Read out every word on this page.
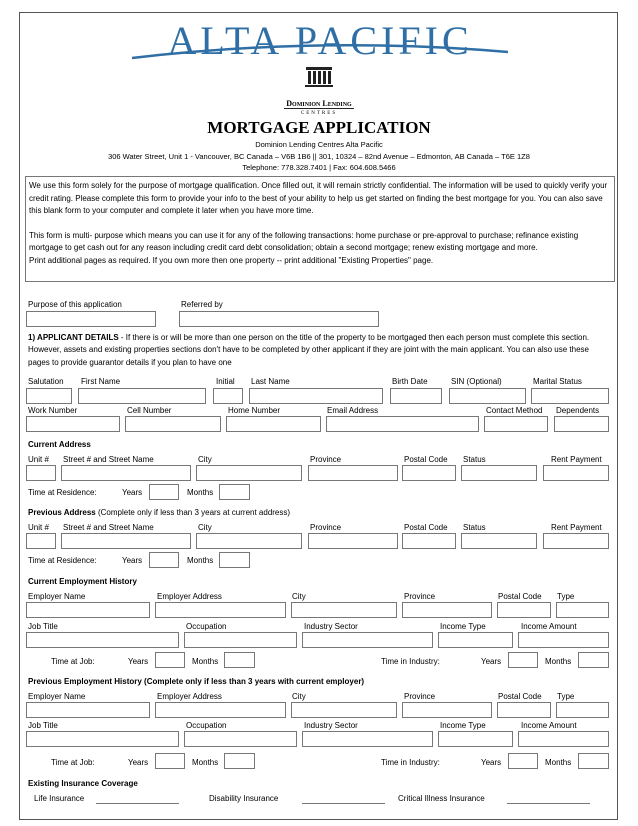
ALTA PACIFIC
Dominion Lending
CENTRES
MORTGAGE APPLICATION
Dominion Lending Centres Alta Pacific
306 Water Street, Unit 1 - Vancouver, BC Canada – V6B 1B6 || 301, 10324 – 82nd Avenue – Edmonton, AB Canada – T6E 1Z8
Telephone: 778.328.7401 | Fax: 604.608.5466

We use this form solely for the purpose of mortgage qualification. Once filled out, it will remain strictly confidential. The information will be used to quickly verify your credit rating. Please complete this form to provide your info to the best of your ability to help us get started on finding the best mortgage for you. You can also save this blank form to your computer and complete it later when you have more time.

This form is multi- purpose which means you can use it for any of the following transactions: home purchase or pre-approval to purchase; refinance existing mortgage to get cash out for any reason including credit card debt consolidation; obtain a second mortgage; renew existing mortgage and more.

Print additional pages as required. If you own more then one property -- print additional "Existing Properties" page.

Purpose of this application	Referred by
1) APPLICANT DETAILS - If there is or will be more than one person on the title of the property to be mortgaged then each person must complete this section. However, assets and existing properties sections don't have to be completed by other applicant if they are joint with the main applicant. You can also use these pages to provide guarantor details if you plan to have one
Salutation First Name	Initial Last Name	Birth Date	SIN (Optional)	Marital Status
Work Number	Cell Number	Home Number	Email Address	Contact Method Dependents
Current Address
Unit # Street # and Street Name	City	Province	Postal Code Status	Rent Payment
Time at Residence:	Years	Months
Previous Address (Complete only if less than 3 years at current address)
Unit # Street # and Street Name	City	Province	Postal Code Status	Rent Payment
Time at Residence:	Years	Months
Current Employment History
Employer Name	Employer Address	City	Province	Postal Code Type
Job Title	Occupation	Industry Sector	Income Type	Income Amount
Time at Job:	Years	Months	Time in Industry:	Years	Months
Previous Employment History (Complete only if less than 3 years with current employer)
Employer Name	Employer Address	City	Province	Postal Code Type
Job Title	Occupation	Industry Sector	Income Type	Income Amount
Time at Job:	Years	Months	Time in Industry:	Years	Months
Existing Insurance Coverage
Life Insurance	Disability Insurance	Critical Illness Insurance
